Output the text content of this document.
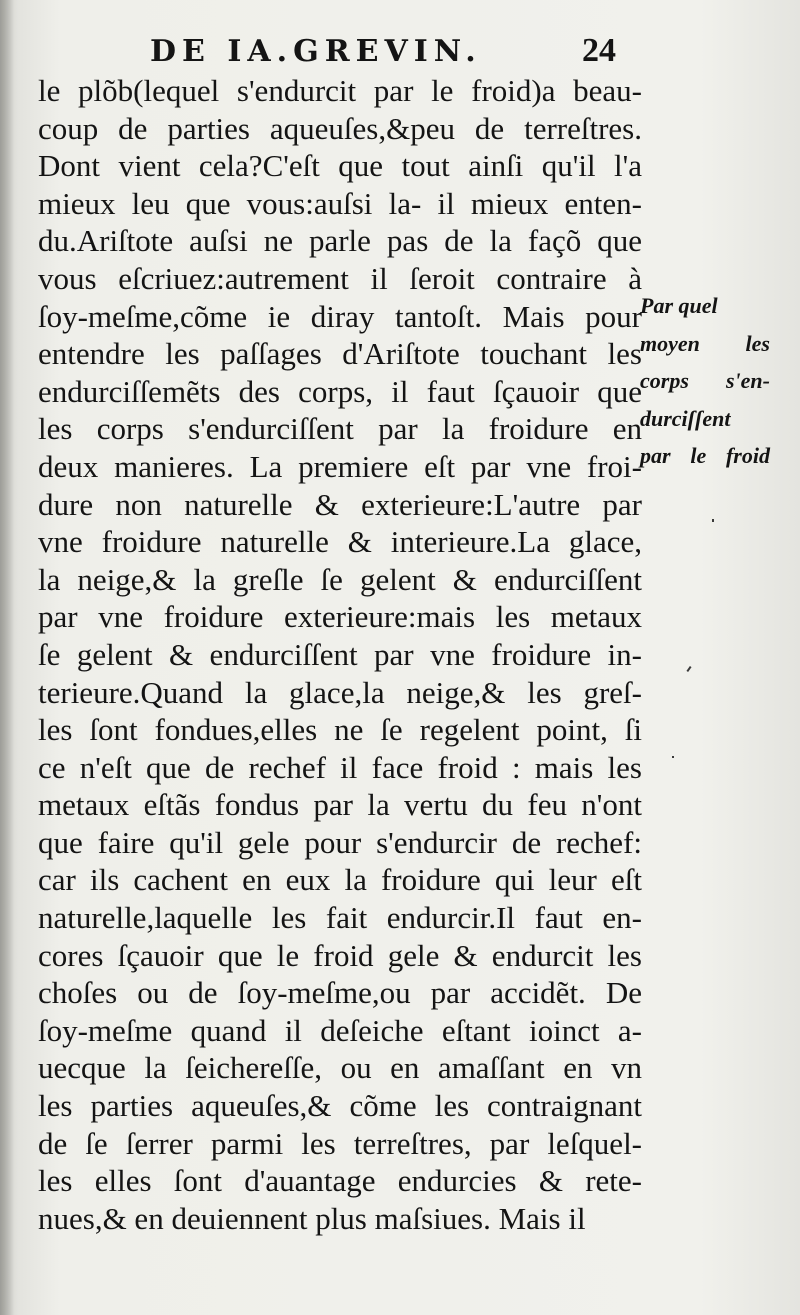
DE IA.GREVIN.	24
le plõb(lequel s'endurcit par le froid)a beau-
coup de parties aqueuſes,&peu de terreſtres.
Dont vient cela?C'eſt que tout ainſi qu'il l'a
mieux leu que vous:auſsi la- il mieux enten-
du.Ariſtote auſsi ne parle pas de la façõ que
vous eſcriuez:autrement il ſeroit contraire à
ſoy-meſme,cõme ie diray tantoſt. Mais pour
entendre les paſſages d'Ariſtote touchant les
endurciſſemẽts des corps, il faut ſçauoir que
les corps s'endurciſſent par la froidure en
deux manieres. La premiere eſt par vne froi-
dure non naturelle & exterieure:L'autre par
vne froidure naturelle & interieure.La glace,
la neige,& la greſle ſe gelent & endurciſſent
par vne froidure exterieure:mais les metaux
ſe gelent & endurciſſent par vne froidure in-
terieure.Quand la glace,la neige,& les greſ-
les ſont fondues,elles ne ſe regelent point, ſi
ce n'eſt que de rechef il face froid : mais les
metaux eſtãs fondus par la vertu du feu n'ont
que faire qu'il gele pour s'endurcir de rechef:
car ils cachent en eux la froidure qui leur eſt
naturelle,laquelle les fait endurcir.Il faut en-
cores ſçauoir que le froid gele & endurcit les
choſes ou de ſoy-meſme,ou par accidẽt. De
ſoy-meſme quand il deſeiche eſtant ioinct a-
uecque la ſeichereſſe, ou en amaſſant en vn
les parties aqueuſes,& cõme les contraignant
de ſe ſerrer parmi les terreſtres, par leſquel-
les elles ſont d'auantage endurcies & rete-
nues,& en deuiennent plus maſsiues. Mais il
Par quel
moyen les
corps s'en-
durciſſent
par le froid
